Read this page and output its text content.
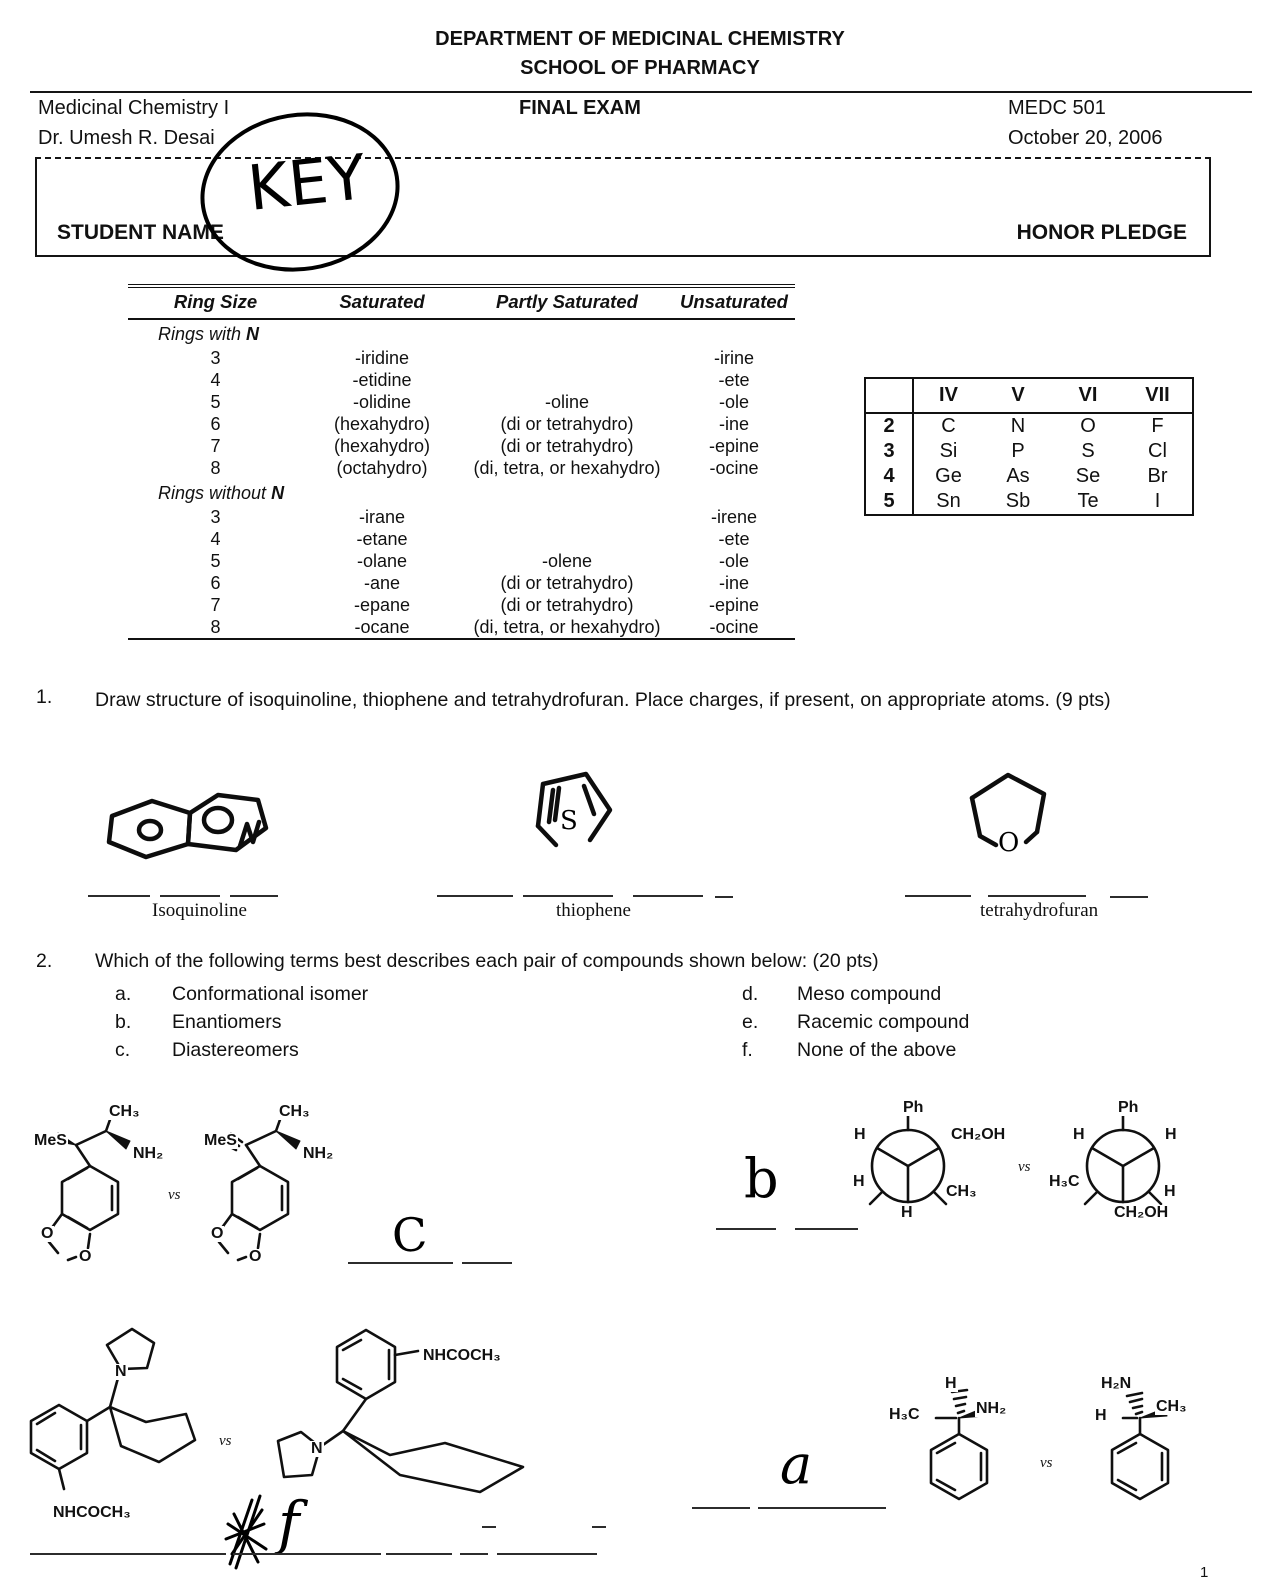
DEPARTMENT OF MEDICINAL CHEMISTRY
SCHOOL OF PHARMACY
Medicinal Chemistry I
Dr. Umesh R. Desai
FINAL EXAM	MEDC 501
October 20, 2006
STUDENT NAME	HONOR PLEDGE
KEY
Ring Size	Saturated	Partly Saturated	Unsaturated
Rings with N			
3	-iridine		-irine
4	-etidine		-ete
5	-olidine	-oline	-ole
6	(hexahydro)	(di or tetrahydro)	-ine
7	(hexahydro)	(di or tetrahydro)	-epine
8	(octahydro)	(di, tetra, or hexahydro)	-ocine
Rings without N			
3	-irane		-irene
4	-etane		-ete
5	-olane	-olene	-ole
6	-ane	(di or tetrahydro)	-ine
7	-epane	(di or tetrahydro)	-epine
8	-ocane	(di, tetra, or hexahydro)	-ocine
	IV	V	VI	VII
2	C	N	O	F
3	Si	P	S	Cl
4	Ge	As	Se	Br
5	Sn	Sb	Te	I
1. Draw structure of isoquinoline, thiophene and tetrahydrofuran. Place charges, if present, on appropriate atoms. (9 pts)
S
O
Isoquinoline	thiophene	tetrahydrofuran
2. Which of the following terms best describes each pair of compounds shown below: (20 pts)
a. Conformational isomer
b. Enantiomers
c. Diastereomers
d. Meso compound
e. Racemic compound
f. None of the above
MeS
CH₃
NH₂
O
O
vs
MeS
CH₃
NH₂
O
O	C
b
Ph
H	CH₂OH
H
CH₃
H
vs
Ph
H	H
H₃C
H
CH₂OH
N
NHCOCH₃
vs	N
NHCOCH₃
f
a
H
H₃C	NH₂
vs
H₂N
H
CH₃
1
